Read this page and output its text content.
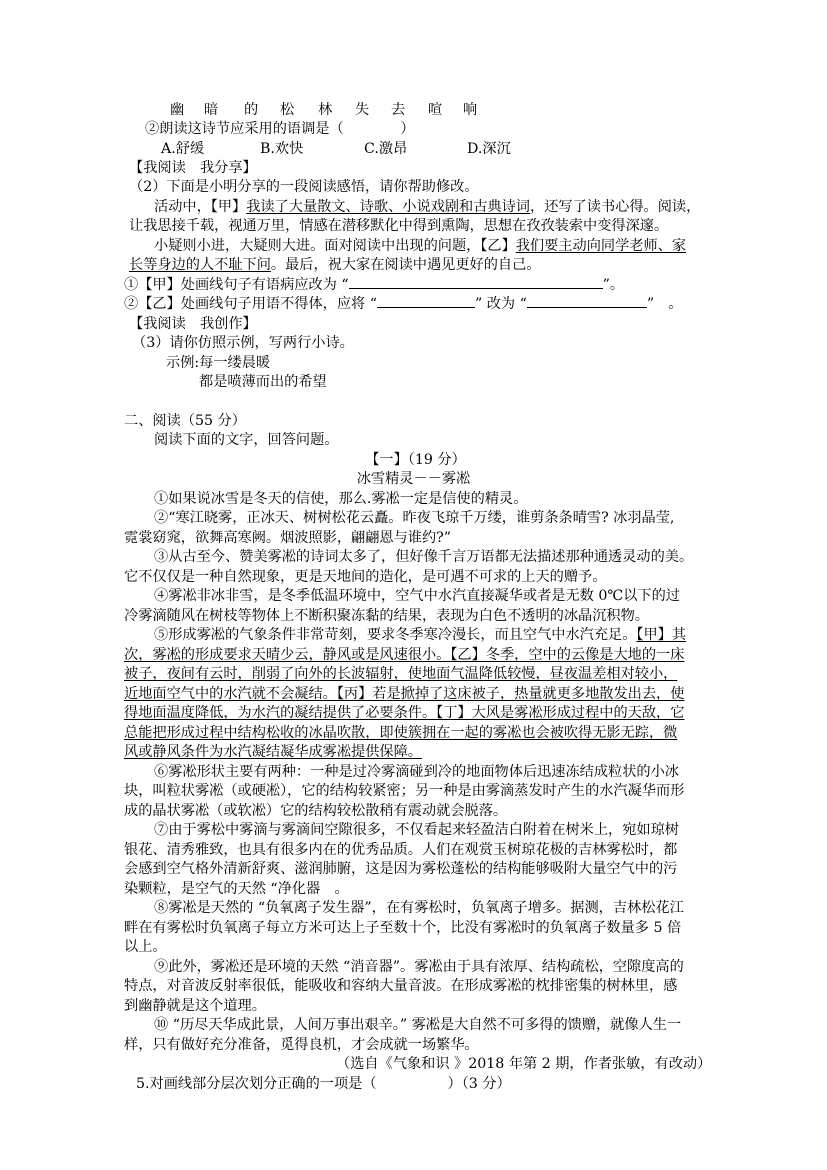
幽 暗 的 松 林 失 去 喧 响
②朗读这诗节应采用的语调是（　　　　）
A.舒缓	B.欢快	C.激昂	D.深沉
【我阅读　我分享】
（2）下面是小明分享的一段阅读感悟，请你帮助修改。
活动中，【甲】我读了大量散文、诗歌、小说戏剧和古典诗词，还写了读书心得。阅读，
让我思接千载，视通万里，情感在潜移默化中得到熏陶，思想在孜孜装索中变得深邃。
小疑则小进，大疑则大进。面对阅读中出现的问题，【乙】我们要主动向同学老师、家
长等身边的人不耻下问。最后，祝大家在阅读中遇见更好的自己。
①【甲】处画线句子有语病应改为 “	”。
②【乙】处画线句子用语不得体，应将 “	” 改为 “	”　。
【我阅读　我创作】
（3）请你仿照示例，写两行小诗。
示例:每一缕晨暖
都是喷薄而出的希望
二、阅读（55 分）
阅读下面的文字，回答问题。
【一】（19 分）
冰雪精灵－－雾凇
①如果说冰雪是冬天的信使，那么.雾凇一定是信使的精灵。
②“寒江晓雾，正冰天、树树松花云矗。昨夜飞琼千万缕，谁剪条条晴雪? 冰羽晶莹,
霓裳窈窕，欲舞高寒阙。烟波照影，翩翩恩与谁约?”
③从古至今、赞美雾凇的诗词太多了，但好像千言万语都无法描述那种通透灵动的美。
它不仅仅是一种自然现象，更是天地间的造化，是可遇不可求的上天的赠予。
④雾凇非冰非雪，是冬季低温环境中，空气中水汽直接凝华或者是无数 0℃以下的过
冷雾滴随风在树枝等物体上不断积聚冻黏的结果，表现为白色不透明的冰晶沉积物。
⑤形成雾凇的气象条件非常苛刻，要求冬季寒冷漫长，而且空气中水汽充足。【甲】其
次，雾凇的形成要求天晴少云，静风或是风速很小。【乙】冬季，空中的云像是大地的一床
被子，夜间有云时，削弱了向外的长波辐射，使地面气温降低较慢，昼夜温差相对较小，
近地面空气中的水汽就不会凝结。【丙】若是掀掉了这床被子，热量就更多地散发出去，使
得地面温度降低，为水汽的凝结提供了必要条件。【丁】大风是雾凇形成过程中的天敌，它
总能把形成过程中结构松收的冰晶吹散，即使簇拥在一起的雾凇也会被吹得无影无踪，微
风或静风条件为水汽凝结凝华成雾凇提供保障。
⑥雾凇形状主要有两种：一种是过冷雾滴碰到冷的地面物体后迅速冻结成粒状的小冰
块，叫粒状雾凇（或硬凇），它的结构较紧密；另一种是由雾滴蒸发时产生的水汽凝华而形
成的晶状雾凇（或软凇）它的结构较松散稍有震动就会脱落。
⑦由于雾松中雾滴与雾滴间空隙很多，不仅看起来轻盈洁白附着在树米上，宛如琼树
银花、清秀雅致，也具有很多内在的优秀品质。人们在观赏玉树琼花极的吉林雾松时，都
会感到空气格外清新舒爽、滋润肺腑，这是因为雾松蓬松的结构能够吸附大量空气中的污
染颗粒，是空气的天然 “净化器　。
⑧雾凇是天然的 “负氧离子发生器”，在有雾松时，负氧离子增多。据测，吉林松花江
畔在有雾松时负氧离子每立方米可达上子至数十个，比没有雾凇时的负氧离子数量多 5 倍
以上。
⑨此外，雾凇还是环境的天然 “消音器”。雾凇由于具有浓厚、结构疏松，空隙度高的
特点，对音波反射率很低，能吸收和容纳大量音波。在形成雾凇的枕排密集的树林里，感
到幽静就是这个道理。
⑩ “历尽天华成此景，人间万事出艰辛。” 雾凇是大自然不可多得的馈赠，就像人生一
样，只有做好充分准备，觅得良机，才会成就一场繁华。
（选自《气象和识 》2018 年第 2 期，作者张敏，有改动）
5.对画线部分层次划分正确的一项是（　　　　　）（3 分）
